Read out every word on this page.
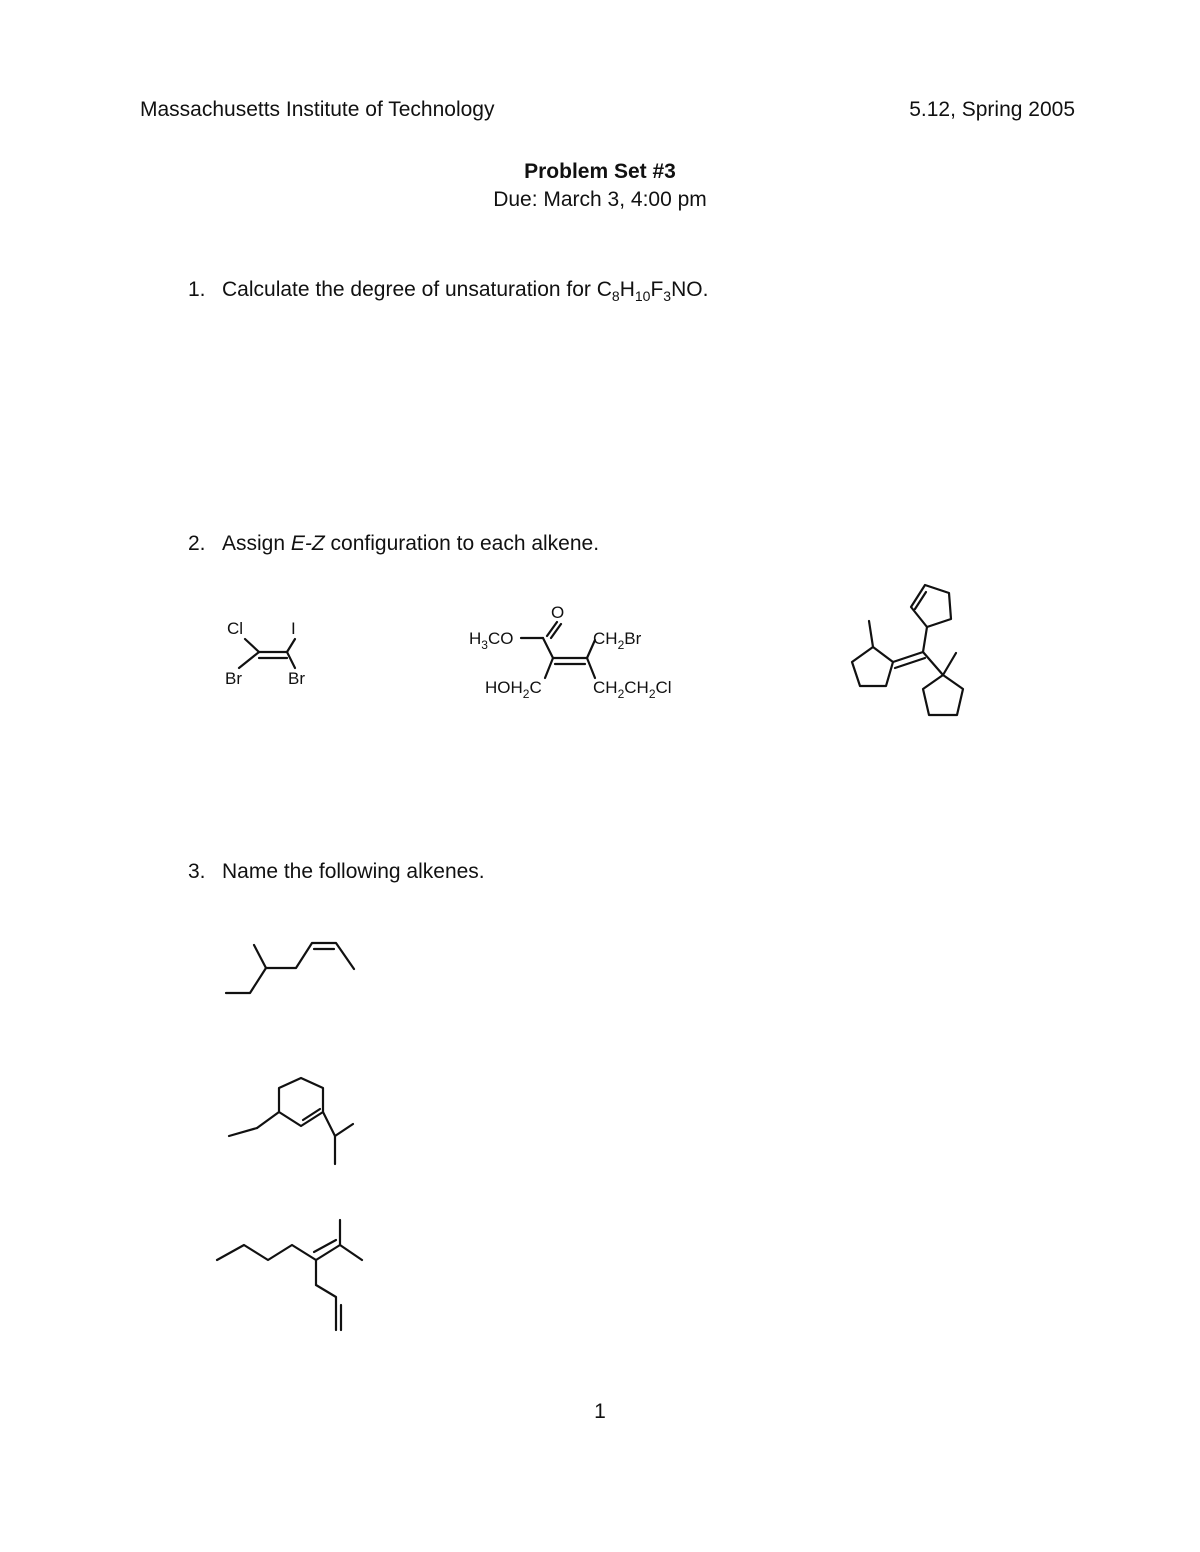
Massachusetts Institute of Technology	5.12, Spring 2005
Problem Set #3
Due: March 3, 4:00 pm
1. Calculate the degree of unsaturation for $C_8H_{10}F_3NO$.
2. Assign E-Z configuration to each alkene.
Cl	I
Br	Br
O
$H_3CO$	$CH_2Br$
$HOH_2C$	$CH_2CH_2Cl$
3. Name the following alkenes.
1
